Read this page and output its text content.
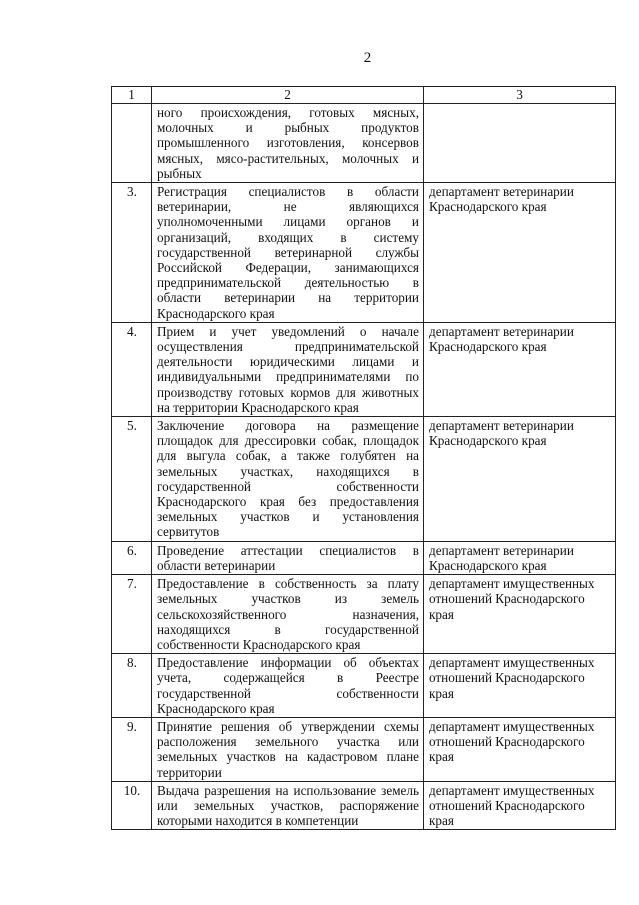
2
1	2	3
	ного происхождения, готовых мясных, молочных и рыбных продуктов промышленного изготовления, консервов мясных, мясо-растительных, молочных и рыбных	
3.	Регистрация специалистов в области ветеринарии, не являющихся уполномоченными лицами органов и организаций, входящих в систему государственной ветеринарной службы Российской Федерации, занимающихся предпринимательской деятельностью в области ветеринарии на территории Краснодарского края	департамент ветеринарии Краснодарского края
4.	Прием и учет уведомлений о начале осуществления предпринимательской деятельности юридическими лицами и индивидуальными предпринимателями по производству готовых кормов для животных на территории Краснодарского края	департамент ветеринарии Краснодарского края
5.	Заключение договора на размещение площадок для дрессировки собак, площадок для выгула собак, а также голубятен на земельных участках, находящихся в государственной собственности Краснодарского края без предоставления земельных участков и установления сервитутов	департамент ветеринарии Краснодарского края
6.	Проведение аттестации специалистов в области ветеринарии	департамент ветеринарии Краснодарского края
7.	Предоставление в собственность за плату земельных участков из земель сельскохозяйственного назначения, находящихся в государственной собственности Краснодарского края	департамент имущественных отношений Краснодарского края
8.	Предоставление информации об объектах учета, содержащейся в Реестре государственной собственности Краснодарского края	департамент имущественных отношений Краснодарского края
9.	Принятие решения об утверждении схемы расположения земельного участка или земельных участков на кадастровом плане территории	департамент имущественных отношений Краснодарского края
10.	Выдача разрешения на использование земель или земельных участков, распоряжение которыми находится в компетенции	департамент имущественных отношений Краснодарского края
